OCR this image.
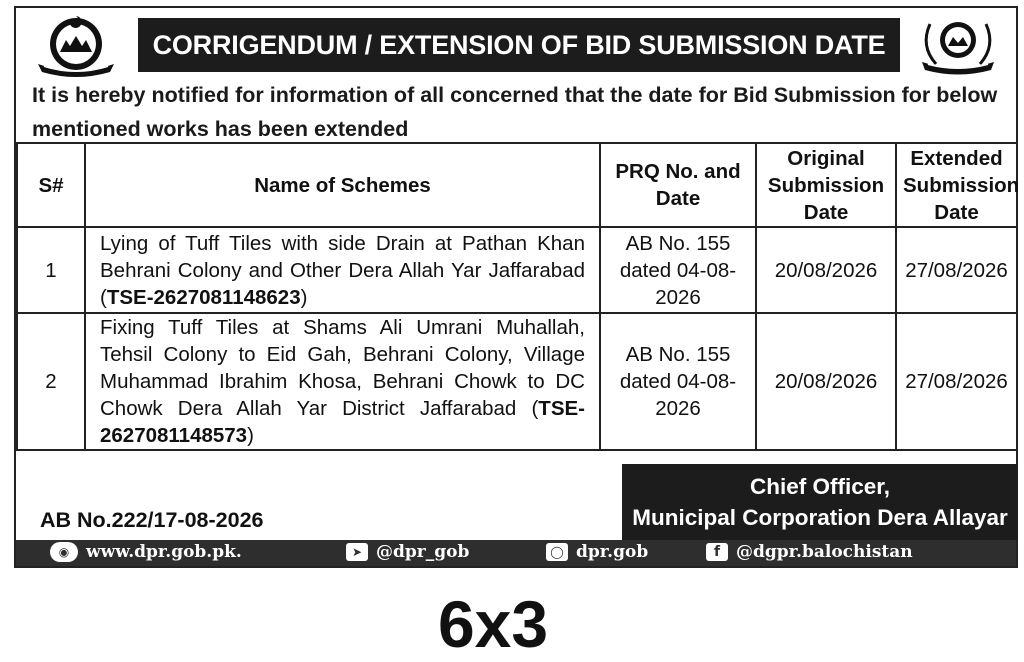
CORRIGENDUM / EXTENSION OF BID SUBMISSION DATE
It is hereby notified for information of all concerned that the date for Bid Submission for below mentioned works has been extended
S#	Name of Schemes	PRQ No. and Date	Original Submission Date	Extended Submission Date
1	Lying of Tuff Tiles with side Drain at Pathan Khan Behrani Colony and Other Dera Allah Yar Jaffarabad (TSE-2627081148623)	AB No. 155 dated 04-08-2026	20/08/2026	27/08/2026
2	Fixing Tuff Tiles at Shams Ali Umrani Muhallah, Tehsil Colony to Eid Gah, Behrani Colony, Village Muhammad Ibrahim Khosa, Behrani Chowk to DC Chowk Dera Allah Yar District Jaffarabad (TSE-2627081148573)	AB No. 155 dated 04-08-2026	20/08/2026	27/08/2026
AB No.222/17-08-2026
Chief Officer,
Municipal Corporation Dera Allayar
◉ www.dpr.gob.pk.	➤ @dpr_gob	◯ dpr.gob	f @dgpr.balochistan
6x3
